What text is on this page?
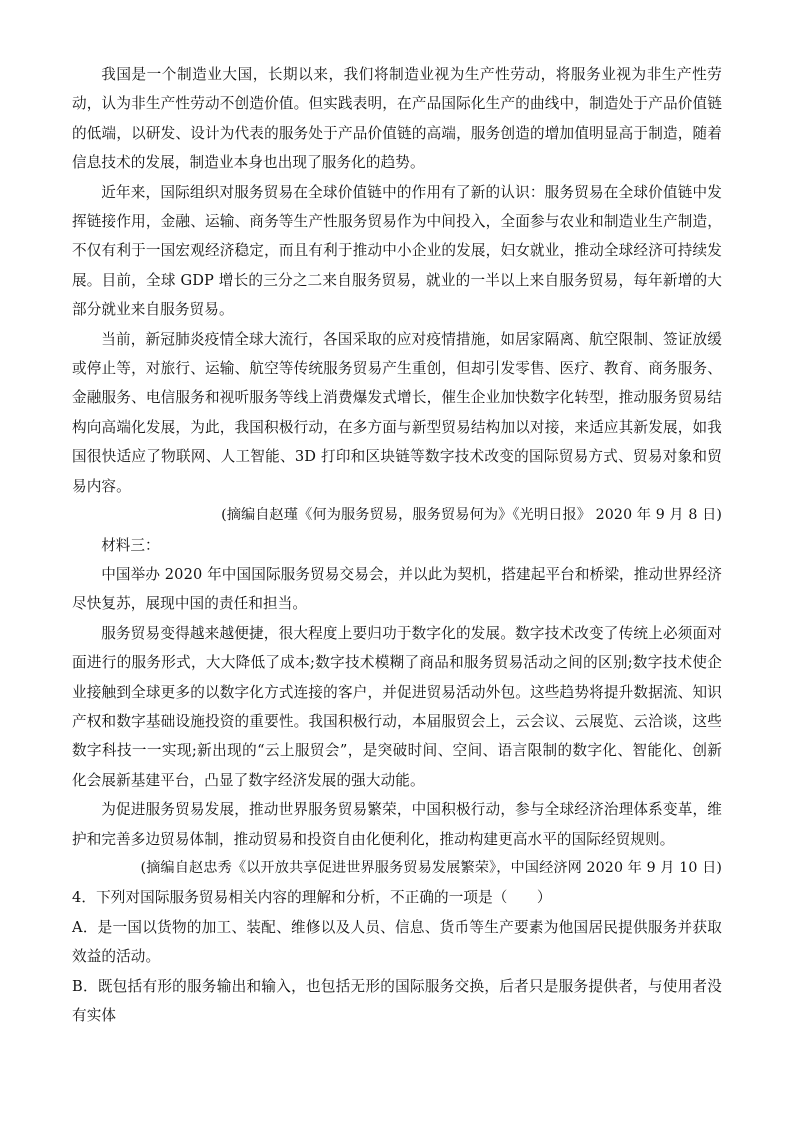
我国是一个制造业大国，长期以来，我们将制造业视为生产性劳动，将服务业视为非生产性劳动，认为非生产性劳动不创造价值。但实践表明，在产品国际化生产的曲线中，制造处于产品价值链的低端，以研发、设计为代表的服务处于产品价值链的高端，服务创造的增加值明显高于制造，随着信息技术的发展，制造业本身也出现了服务化的趋势。

近年来，国际组织对服务贸易在全球价值链中的作用有了新的认识：服务贸易在全球价值链中发挥链接作用，金融、运输、商务等生产性服务贸易作为中间投入，全面参与农业和制造业生产制造，不仅有利于一国宏观经济稳定，而且有利于推动中小企业的发展，妇女就业，推动全球经济可持续发展。目前，全球 GDP 增长的三分之二来自服务贸易，就业的一半以上来自服务贸易，每年新增的大部分就业来自服务贸易。

当前，新冠肺炎疫情全球大流行，各国采取的应对疫情措施，如居家隔离、航空限制、签证放缓或停止等，对旅行、运输、航空等传统服务贸易产生重创，但却引发零售、医疗、教育、商务服务、金融服务、电信服务和视听服务等线上消费爆发式增长，催生企业加快数字化转型，推动服务贸易结构向高端化发展，为此，我国积极行动，在多方面与新型贸易结构加以对接，来适应其新发展，如我国很快适应了物联网、人工智能、3D 打印和区块链等数字技术改变的国际贸易方式、贸易对象和贸易内容。

(摘编自赵瑾《何为服务贸易，服务贸易何为》《光明日报》 2020 年 9 月 8 日)

材料三：

中国举办 2020 年中国国际服务贸易交易会，并以此为契机，搭建起平台和桥梁，推动世界经济尽快复苏，展现中国的责任和担当。

服务贸易变得越来越便捷，很大程度上要归功于数字化的发展。数字技术改变了传统上必须面对面进行的服务形式，大大降低了成本;数字技术模糊了商品和服务贸易活动之间的区别;数字技术使企业接触到全球更多的以数字化方式连接的客户，并促进贸易活动外包。这些趋势将提升数据流、知识产权和数字基础设施投资的重要性。我国积极行动，本届服贸会上，云会议、云展览、云洽谈，这些数字科技一一实现;新出现的“云上服贸会”，是突破时间、空间、语言限制的数字化、智能化、创新化会展新基建平台，凸显了数字经济发展的强大动能。

为促进服务贸易发展，推动世界服务贸易繁荣，中国积极行动，参与全球经济治理体系变革，维护和完善多边贸易体制，推动贸易和投资自由化便利化，推动构建更高水平的国际经贸规则。

(摘编自赵忠秀《以开放共享促进世界服务贸易发展繁荣》，中国经济网 2020 年 9 月 10 日)

4．下列对国际服务贸易相关内容的理解和分析，不正确的一项是（　　）

A．是一国以货物的加工、装配、维修以及人员、信息、货币等生产要素为他国居民提供服务并获取效益的活动。

B．既包括有形的服务输出和输入，也包括无形的国际服务交换，后者只是服务提供者，与使用者没有实体
